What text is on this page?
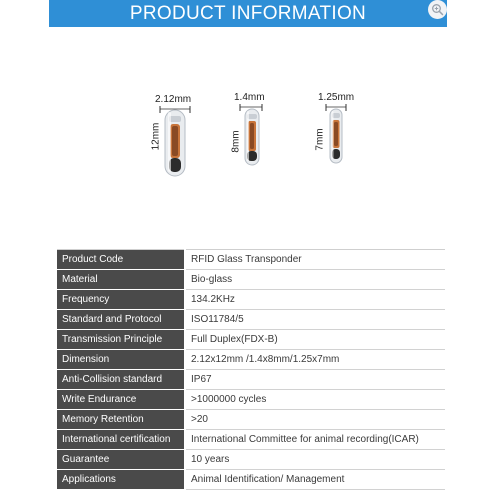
PRODUCT INFORMATION
2.12mm
12mm
1.4mm
8mm
1.25mm
7mm
Product Code	RFID Glass Transponder
Material	Bio-glass
Frequency	134.2KHz
Standard and Protocol	ISO11784/5
Transmission Principle	Full Duplex(FDX-B)
Dimension	2.12x12mm /1.4x8mm/1.25x7mm
Anti-Collision standard	IP67
Write Endurance	>1000000 cycles
Memory Retention	>20
International certification	International Committee for animal recording(ICAR)
Guarantee	10 years
Applications	Animal Identification/ Management
